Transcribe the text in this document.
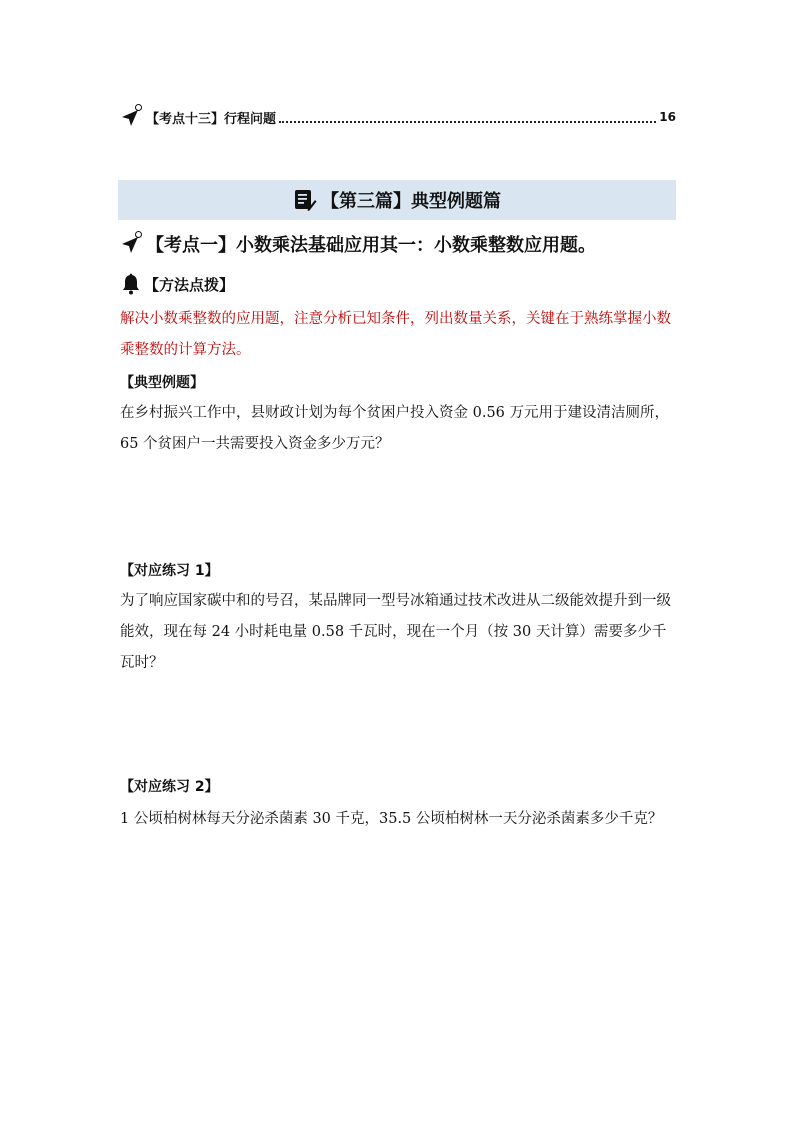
【考点十三】行程问题	16
【第三篇】典型例题篇
【考点一】小数乘法基础应用其一：小数乘整数应用题。
【方法点拨】
解决小数乘整数的应用题，注意分析已知条件，列出数量关系，关键在于熟练掌握小数乘整数的计算方法。
【典型例题】
在乡村振兴工作中，县财政计划为每个贫困户投入资金 0.56 万元用于建设清洁厕所，65 个贫困户一共需要投入资金多少万元？
【对应练习 1】
为了响应国家碳中和的号召，某品牌同一型号冰箱通过技术改进从二级能效提升到一级能效，现在每 24 小时耗电量 0.58 千瓦时，现在一个月（按 30 天计算）需要多少千瓦时？
【对应练习 2】
1 公顷柏树林每天分泌杀菌素 30 千克，35.5 公顷柏树林一天分泌杀菌素多少千克？
